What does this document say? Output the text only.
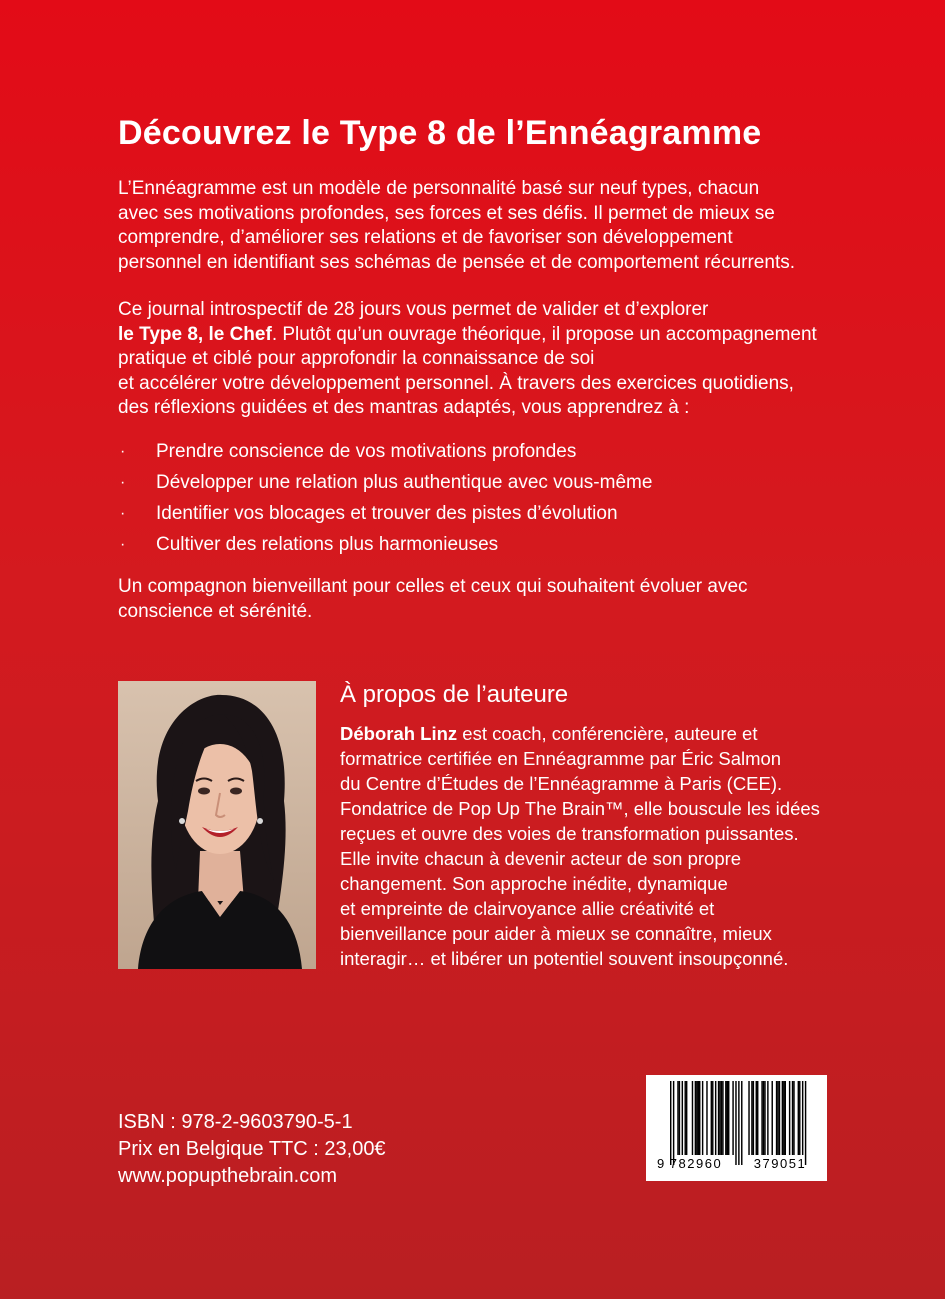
Découvrez le Type 8 de l’Ennéagramme

L’Ennéagramme est un modèle de personnalité basé sur neuf types, chacun
avec ses motivations profondes, ses forces et ses défis. Il permet de mieux se
comprendre, d’améliorer ses relations et de favoriser son développement
personnel en identifiant ses schémas de pensée et de comportement récurrents.

Ce journal introspectif de 28 jours vous permet de valider et d’explorer
le Type 8, le Chef. Plutôt qu’un ouvrage théorique, il propose un accompagnement
pratique et ciblé pour approfondir la connaissance de soi
et accélérer votre développement personnel. À travers des exercices quotidiens,
des réflexions guidées et des mantras adaptés, vous apprendrez à :

· Prendre conscience de vos motivations profondes
· Développer une relation plus authentique avec vous-même
· Identifier vos blocages et trouver des pistes d’évolution
· Cultiver des relations plus harmonieuses

Un compagnon bienveillant pour celles et ceux qui souhaitent évoluer avec
conscience et sérénité.

À propos de l’auteure

Déborah Linz est coach, conférencière, auteure et
formatrice certifiée en Ennéagramme par Éric Salmon
du Centre d’Études de l’Ennéagramme à Paris (CEE).
Fondatrice de Pop Up The Brain™, elle bouscule les idées
reçues et ouvre des voies de transformation puissantes.
Elle invite chacun à devenir acteur de son propre
changement. Son approche inédite, dynamique
et empreinte de clairvoyance allie créativité et
bienveillance pour aider à mieux se connaître, mieux
interagir… et libérer un potentiel souvent insoupçonné.

ISBN : 978-2-9603790-5-1
Prix en Belgique TTC : 23,00€
www.popupthebrain.com
9 782960 379051
